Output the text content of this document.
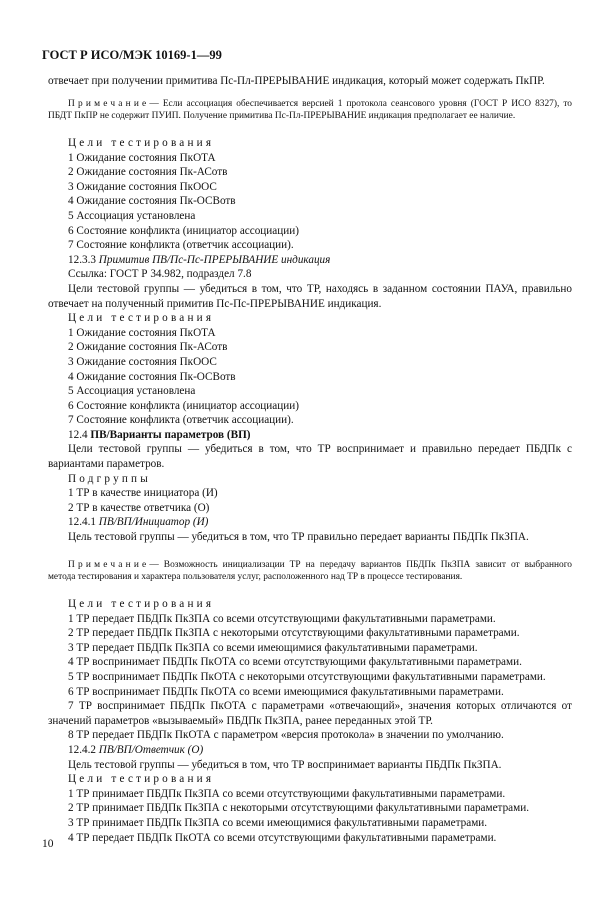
ГОСТ Р ИСО/МЭК 10169-1—99

отвечает при получении примитива Пс-Пл-ПРЕРЫВАНИЕ индикация, который может содержать ПкПР.

Примечание— Если ассоциация обеспечивается версией 1 протокола сеансового уровня (ГОСТ Р ИСО 8327), то ПБДТ ПкПР не содержит ПУИП. Получение примитива Пс-Пл-ПРЕРЫВАНИЕ индикация предполагает ее наличие.

Цели тестирования

1 Ожидание состояния ПкОТА

2 Ожидание состояния Пк-АСотв

3 Ожидание состояния ПкООС

4 Ожидание состояния Пк-ОСВотв

5 Ассоциация установлена

6 Состояние конфликта (инициатор ассоциации)

7 Состояние конфликта (ответчик ассоциации).

12.3.3 Примитив ПВ/Пс-Пс-ПРЕРЫВАНИЕ индикация

Ссылка: ГОСТ Р 34.982, подраздел 7.8

Цели тестовой группы — убедиться в том, что ТР, находясь в заданном состоянии ПАУА, правильно отвечает на полученный примитив Пс-Пс-ПРЕРЫВАНИЕ индикация.

Цели тестирования

1 Ожидание состояния ПкОТА

2 Ожидание состояния Пк-АСотв

3 Ожидание состояния ПкООС

4 Ожидание состояния Пк-ОСВотв

5 Ассоциация установлена

6 Состояние конфликта (инициатор ассоциации)

7 Состояние конфликта (ответчик ассоциации).

12.4 ПВ/Варианты параметров (ВП)

Цели тестовой группы — убедиться в том, что ТР воспринимает и правильно передает ПБДПк с вариантами параметров.

Подгруппы

1 ТР в качестве инициатора (И)

2 ТР в качестве ответчика (О)

12.4.1 ПВ/ВП/Инициатор (И)

Цель тестовой группы — убедиться в том, что ТР правильно передает варианты ПБДПк ПкЗПА.

Примечание— Возможность инициализации ТР на передачу вариантов ПБДПк ПкЗПА зависит от выбранного метода тестирования и характера пользователя услуг, расположенного над ТР в процессе тестирования.

Цели тестирования

1 ТР передает ПБДПк ПкЗПА со всеми отсутствующими факультативными параметрами.

2 ТР передает ПБДПк ПкЗПА с некоторыми отсутствующими факультативными параметрами.

3 ТР передает ПБДПк ПкЗПА со всеми имеющимися факультативными параметрами.

4 ТР воспринимает ПБДПк ПкОТА со всеми отсутствующими факультативными параметрами.

5 ТР воспринимает ПБДПк ПкОТА с некоторыми отсутствующими факультативными параметрами.

6 ТР воспринимает ПБДПк ПкОТА со всеми имеющимися факультативными параметрами.

7 ТР воспринимает ПБДПк ПкОТА с параметрами «отвечающий», значения которых отличаются от значений параметров «вызываемый» ПБДПк ПкЗПА, ранее переданных этой ТР.

8 ТР передает ПБДПк ПкОТА с параметром «версия протокола» в значении по умолчанию.

12.4.2 ПВ/ВП/Ответчик (О)

Цель тестовой группы — убедиться в том, что ТР воспринимает варианты ПБДПк ПкЗПА.

Цели тестирования

1 ТР принимает ПБДПк ПкЗПА со всеми отсутствующими факультативными параметрами.

2 ТР принимает ПБДПк ПкЗПА с некоторыми отсутствующими факультативными параметрами.

3 ТР принимает ПБДПк ПкЗПА со всеми имеющимися факультативными параметрами.

4 ТР передает ПБДПк ПкОТА со всеми отсутствующими факультативными параметрами.

10
